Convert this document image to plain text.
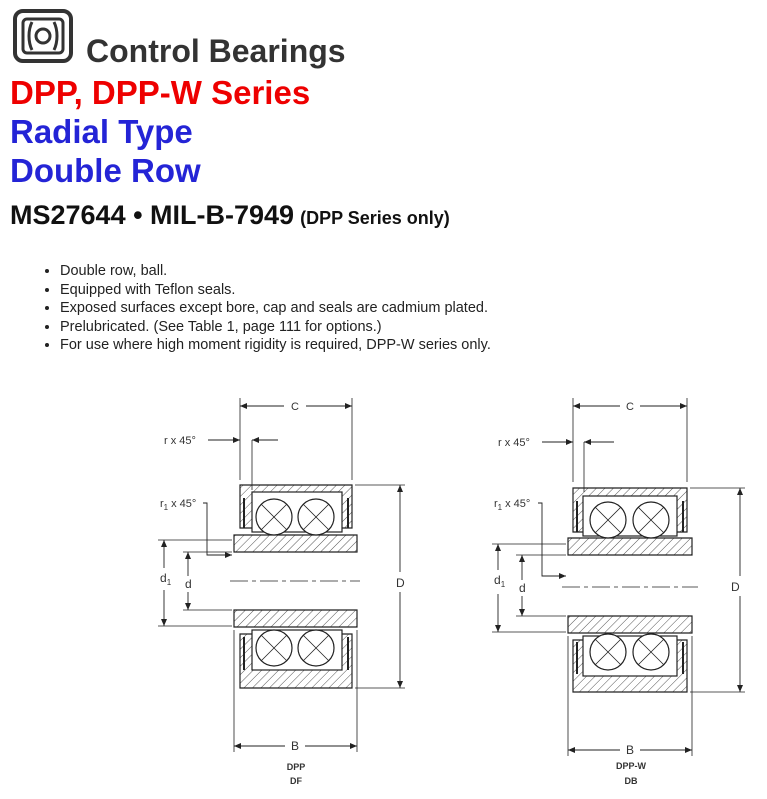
Control Bearings
DPP, DPP-W Series
Radial Type
Double Row
MS27644 • MIL-B-7949 (DPP Series only)
• Double row, ball.
• Equipped with Teflon seals.
• Exposed surfaces except bore, cap and seals are cadmium plated.
• Prelubricated. (See Table 1, page 111 for options.)
• For use where high moment rigidity is required, DPP-W series only.
C
r x 45°
$r_1$ x 45°
$d_1$ d	D
B
DPP
DF
C
r x 45°
$r_1$ x 45°
$d_1$ d	D
B
DPP-W
DB
